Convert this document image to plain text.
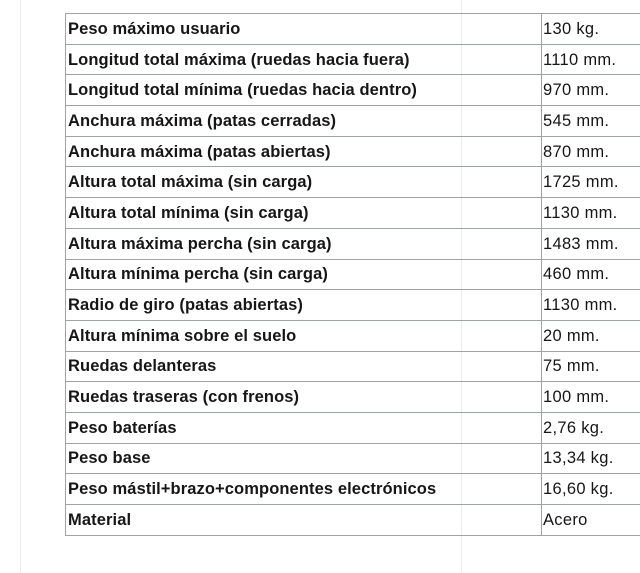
Peso máximo usuario	130 kg.
Longitud total máxima (ruedas hacia fuera)	1110 mm.
Longitud total mínima (ruedas hacia dentro)	970 mm.
Anchura máxima (patas cerradas)	545 mm.
Anchura máxima (patas abiertas)	870 mm.
Altura total máxima (sin carga)	1725 mm.
Altura total mínima (sin carga)	1130 mm.
Altura máxima percha (sin carga)	1483 mm.
Altura mínima percha (sin carga)	460 mm.
Radio de giro (patas abiertas)	1130 mm.
Altura mínima sobre el suelo	20 mm.
Ruedas delanteras	75 mm.
Ruedas traseras (con frenos)	100 mm.
Peso baterías	2,76 kg.
Peso base	13,34 kg.
Peso mástil+brazo+componentes electrónicos	16,60 kg.
Material	Acero
